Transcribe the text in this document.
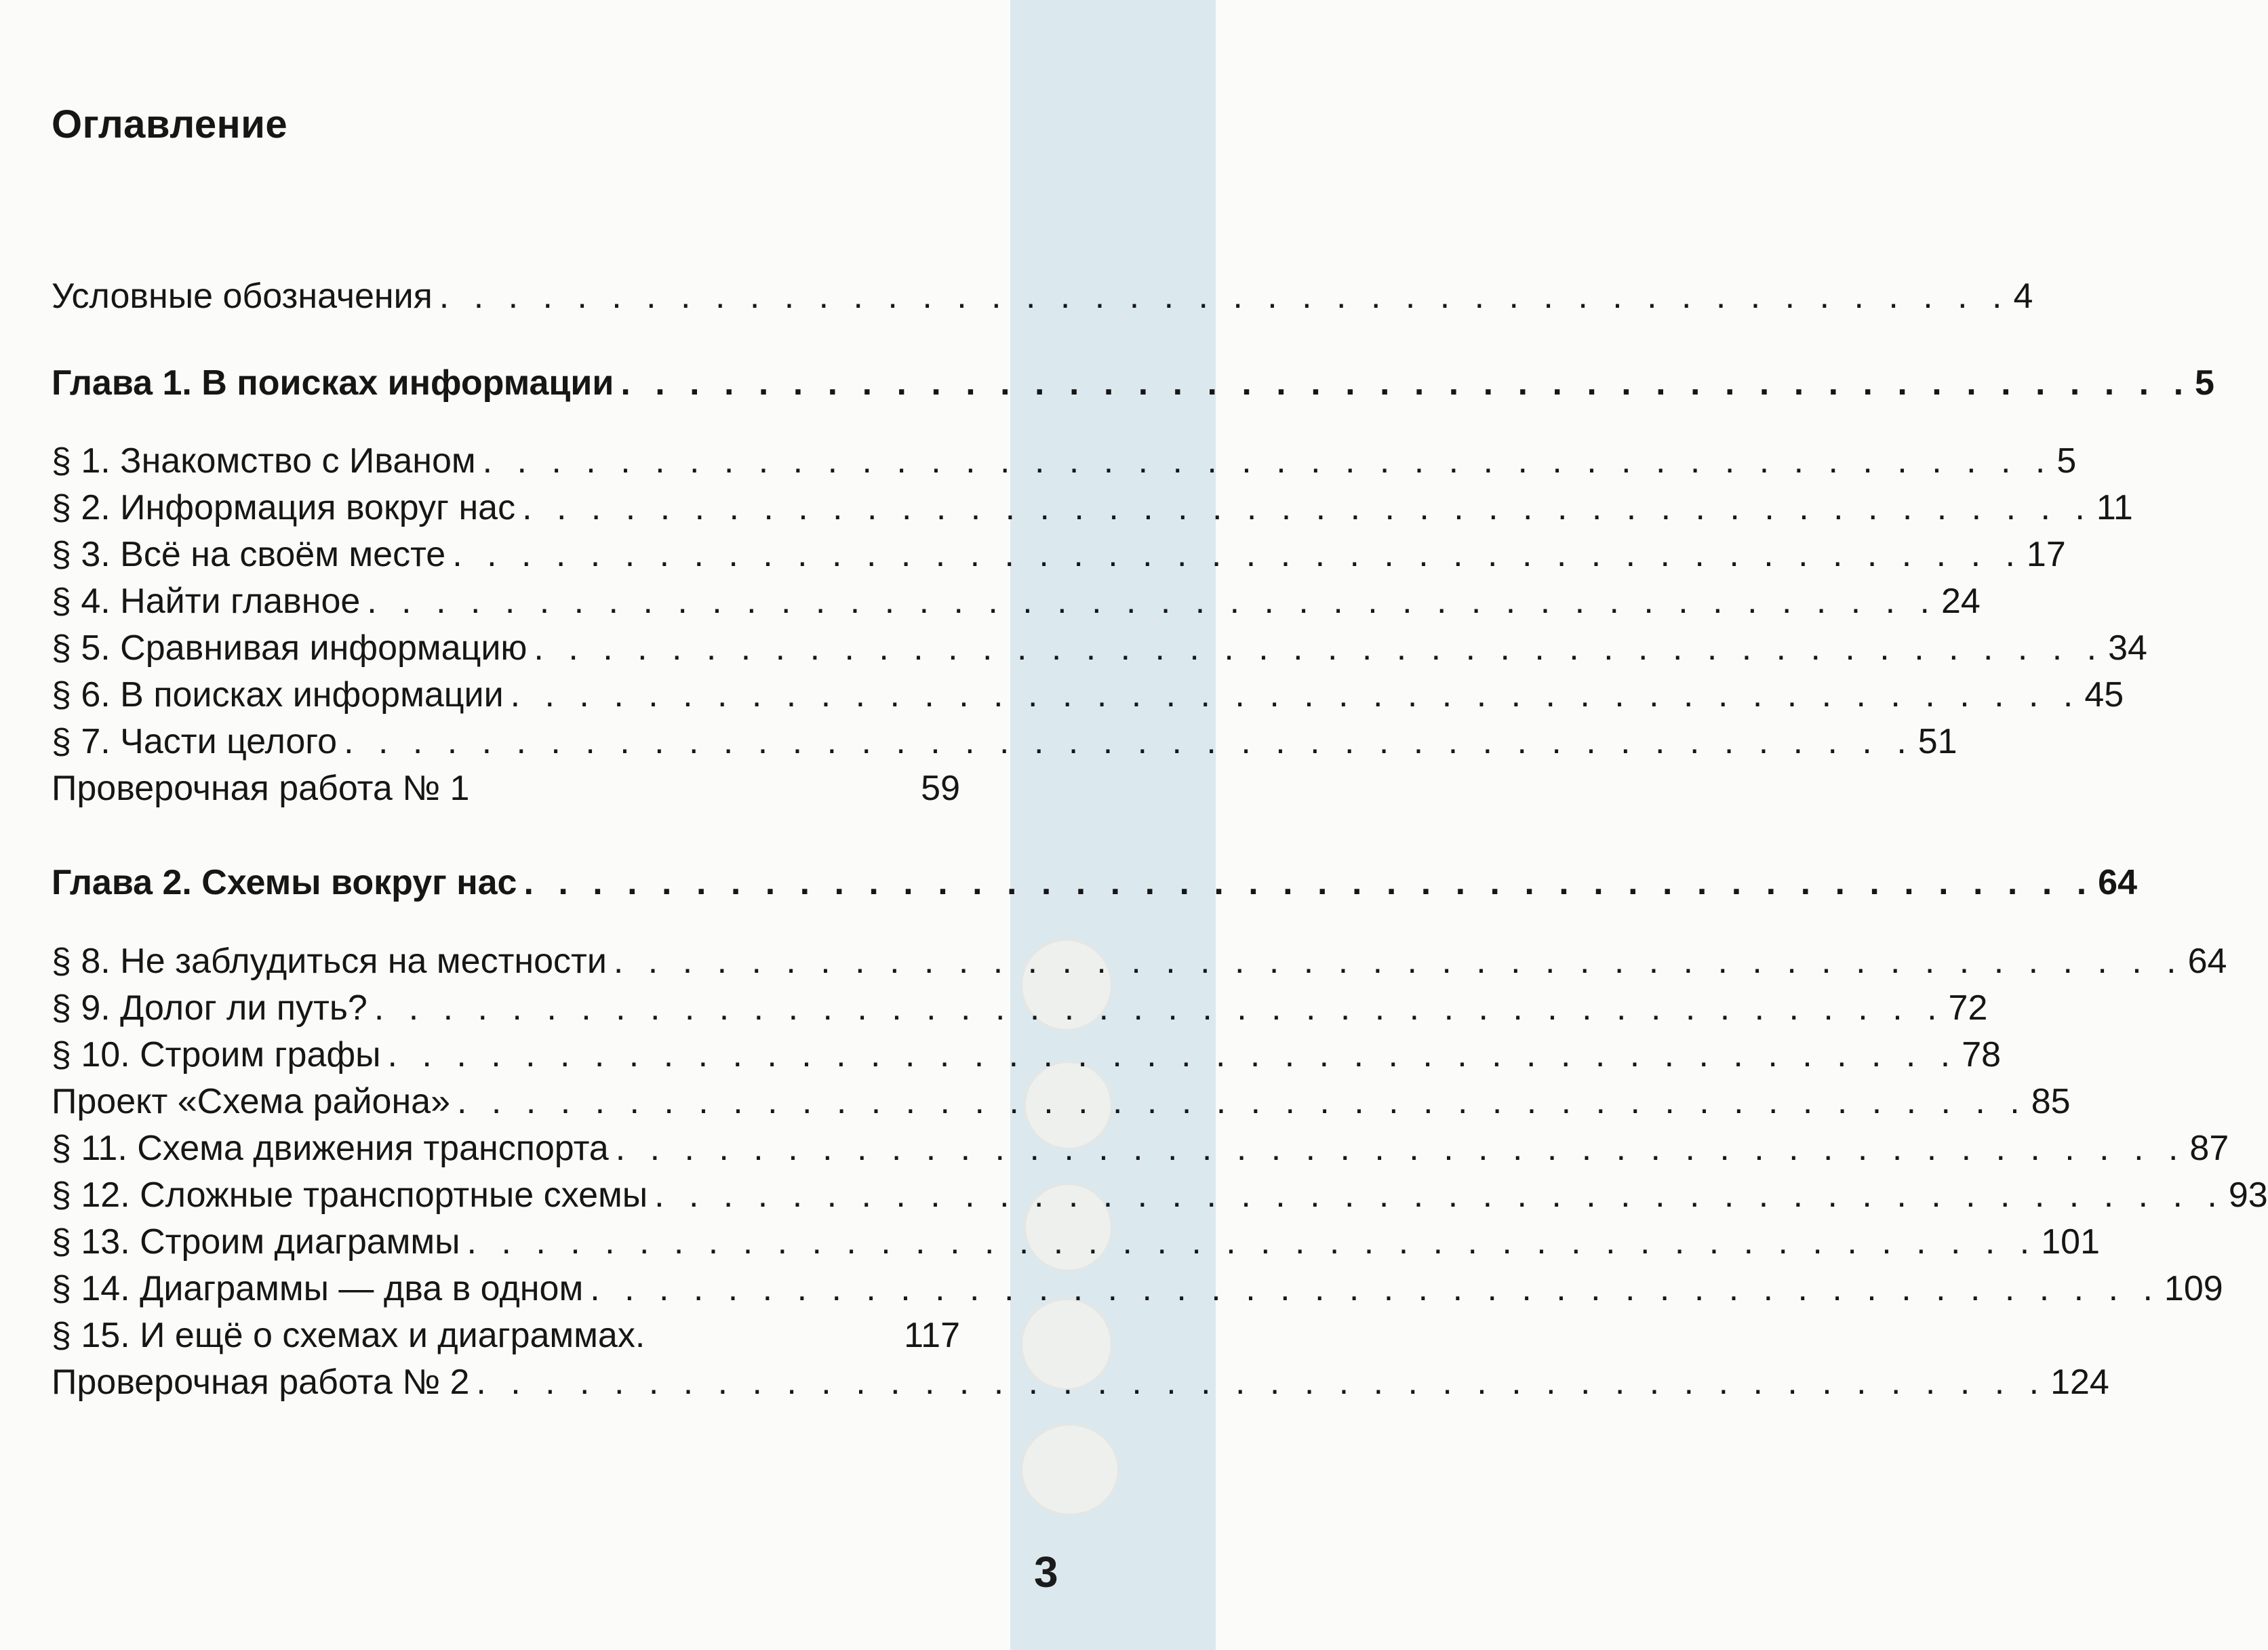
Оглавление
Условные обозначения . . . . . . . . . . . . . . . . . . . . . . . . . . . . . . . . . . . . . . . . . . . . . . 4
Глава 1. В поисках информации . . . . . . . . . . . . . . . . . . . . . . . . . . . . . . . . . . . . . . . . . . . . . . 5
§ 1. Знакомство с Иваном . . . . . . . . . . . . . . . . . . . . . . . . . . . . . . . . . . . . . . . . . . . . . . 5
§ 2. Информация вокруг нас . . . . . . . . . . . . . . . . . . . . . . . . . . . . . . . . . . . . . . . . . . . . . . 11
§ 3. Всё на своём месте . . . . . . . . . . . . . . . . . . . . . . . . . . . . . . . . . . . . . . . . . . . . . . 17
§ 4. Найти главное . . . . . . . . . . . . . . . . . . . . . . . . . . . . . . . . . . . . . . . . . . . . . . 24
§ 5. Сравнивая информацию . . . . . . . . . . . . . . . . . . . . . . . . . . . . . . . . . . . . . . . . . . . . . . 34
§ 6. В поисках информации . . . . . . . . . . . . . . . . . . . . . . . . . . . . . . . . . . . . . . . . . . . . . . 45
§ 7. Части целого . . . . . . . . . . . . . . . . . . . . . . . . . . . . . . . . . . . . . . . . . . . . . . 51
Проверочная работа № 1	59
Глава 2. Схемы вокруг нас . . . . . . . . . . . . . . . . . . . . . . . . . . . . . . . . . . . . . . . . . . . . . . 64
§ 8. Не заблудиться на местности . . . . . . . . . . . . . . . . . . . . . . . . . . . . . . . . . . . . . . . . . . . . . . 64
§ 9. Долог ли путь? . . . . . . . . . . . . . . . . . . . . . . . . . . . . . . . . . . . . . . . . . . . . . . 72
§ 10. Строим графы . . . . . . . . . . . . . . . . . . . . . . . . . . . . . . . . . . . . . . . . . . . . . . 78
Проект «Схема района» . . . . . . . . . . . . . . . . . . . . . . . . . . . . . . . . . . . . . . . . . . . . . . 85
§ 11. Схема движения транспорта . . . . . . . . . . . . . . . . . . . . . . . . . . . . . . . . . . . . . . . . . . . . . . 87
§ 12. Сложные транспортные схемы . . . . . . . . . . . . . . . . . . . . . . . . . . . . . . . . . . . . . . . . . . . . . . 93
§ 13. Строим диаграммы . . . . . . . . . . . . . . . . . . . . . . . . . . . . . . . . . . . . . . . . . . . . . . 101
§ 14. Диаграммы — два в одном . . . . . . . . . . . . . . . . . . . . . . . . . . . . . . . . . . . . . . . . . . . . . . 109
§ 15. И ещё о схемах и диаграммах.	117
Проверочная работа № 2 . . . . . . . . . . . . . . . . . . . . . . . . . . . . . . . . . . . . . . . . . . . . . . 124

3
